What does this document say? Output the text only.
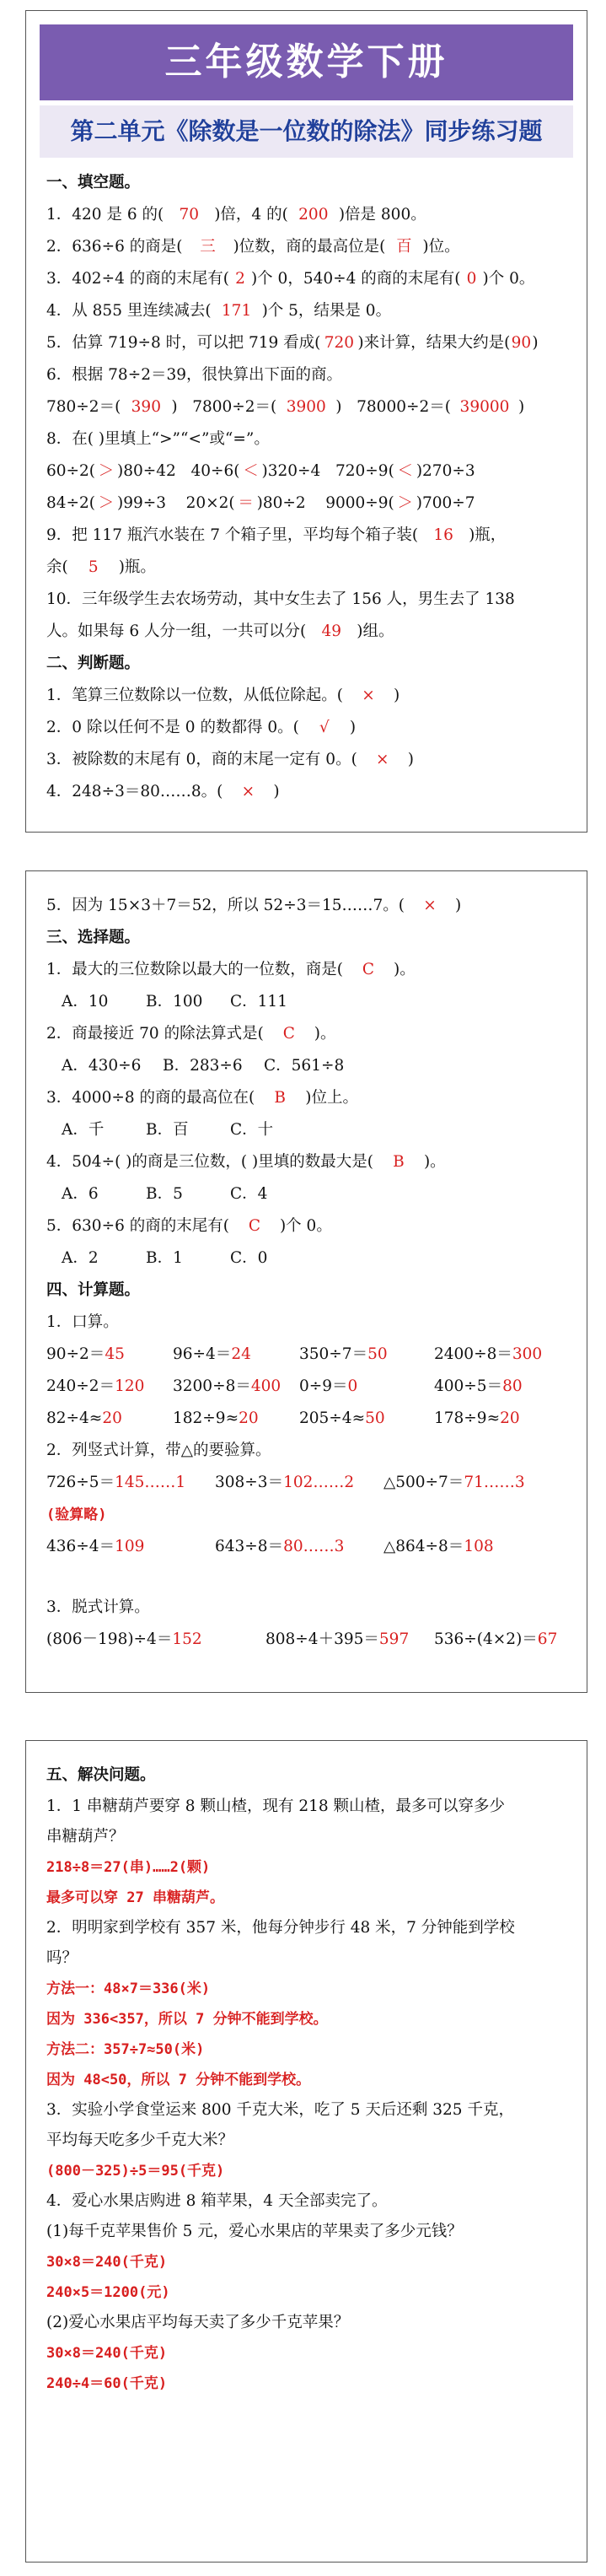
三年级数学下册
第二单元《除数是一位数的除法》同步练习题
一、填空题。
1．420 是 6 的( 70 )倍，4 的( 200 )倍是 800。
2．636÷6 的商是( 三 )位数，商的最高位是( 百 )位。
3．402÷4 的商的末尾有( 2 )个 0，540÷4 的商的末尾有( 0 )个 0。
4．从 855 里连续减去( 171 )个 5，结果是 0。
5．估算 719÷8 时，可以把 719 看成( 720 )来计算，结果大约是(90)
6．根据 78÷2＝39，很快算出下面的商。
780÷2＝( 390 ) 7800÷2＝( 3900 ) 78000÷2＝( 39000 )
8．在( )里填上“>”“<”或“=”。
60÷2( ＞ )80÷42 40÷6( ＜ )320÷4 720÷9( ＜ )270÷3
84÷2( ＞ )99÷3 20×2( ＝ )80÷2 9000÷9( ＞ )700÷7
9．把 117 瓶汽水装在 7 个箱子里，平均每个箱子装( 16 )瓶，
余( 5 )瓶。
10．三年级学生去农场劳动，其中女生去了 156 人，男生去了 138
人。如果每 6 人分一组，一共可以分( 49 )组。
二、判断题。
1．笔算三位数除以一位数，从低位除起。( × )
2．0 除以任何不是 0 的数都得 0。( √ )
3．被除数的末尾有 0，商的末尾一定有 0。( × )
4．248÷3＝80……8。( × )
5．因为 15×3＋7＝52，所以 52÷3＝15……7。( × )
三、选择题。
1．最大的三位数除以最大的一位数，商是( C )。
A．10 B．100 C．111
2．商最接近 70 的除法算式是( C )。
A．430÷6 B．283÷6 C．561÷8
3．4000÷8 的商的最高位在( B )位上。
A．千	B．百	C．十
4．504÷( )的商是三位数，( )里填的数最大是( B )。
A．6	B．5	C．4
5．630÷6 的商的末尾有( C )个 0。
A．2	B．1	C．0
四、计算题。
1．口算。
90÷2＝45	96÷4＝24	350÷7＝50	2400÷8＝300
240÷2＝120 3200÷8＝400 0÷9＝0	400÷5＝80
82÷4≈20	182÷9≈20	205÷4≈50	178÷9≈20
2．列竖式计算，带△的要验算。
726÷5＝145……1 308÷3＝102……2 △500÷7＝71……3
(验算略)
436÷4＝109	643÷8＝80……3	△864÷8＝108
3．脱式计算。
(806－198)÷4＝152	808÷4＋395＝597 536÷(4×2)＝67
五、解决问题。
1．1 串糖葫芦要穿 8 颗山楂，现有 218 颗山楂，最多可以穿多少
串糖葫芦？
218÷8＝27(串)……2(颗)
最多可以穿 27 串糖葫芦。
2．明明家到学校有 357 米，他每分钟步行 48 米，7 分钟能到学校
吗？
方法一：48×7＝336(米)
因为 336<357，所以 7 分钟不能到学校。
方法二：357÷7≈50(米)
因为 48<50，所以 7 分钟不能到学校。
3．实验小学食堂运来 800 千克大米，吃了 5 天后还剩 325 千克，
平均每天吃多少千克大米？
(800－325)÷5＝95(千克)
4．爱心水果店购进 8 箱苹果，4 天全部卖完了。
(1)每千克苹果售价 5 元，爱心水果店的苹果卖了多少元钱？
30×8＝240(千克)
240×5＝1200(元)
(2)爱心水果店平均每天卖了多少千克苹果？
30×8＝240(千克)
240÷4＝60(千克)
